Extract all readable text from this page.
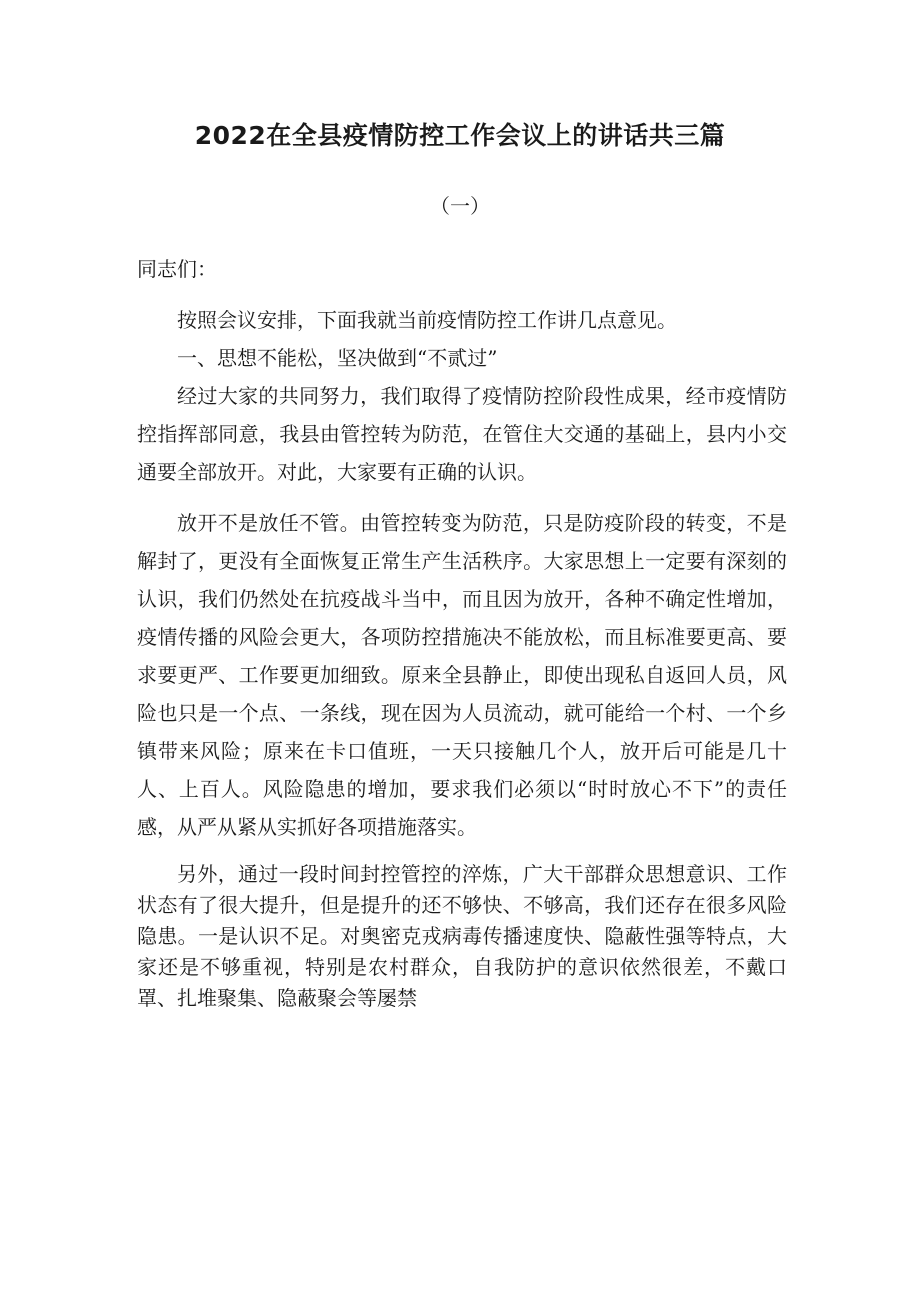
2022在全县疫情防控工作会议上的讲话共三篇
（一）

同志们：

按照会议安排，下面我就当前疫情防控工作讲几点意见。

一、思想不能松，坚决做到“不贰过”

经过大家的共同努力，我们取得了疫情防控阶段性成果，经市疫情防控指挥部同意，我县由管控转为防范，在管住大交通的基础上，县内小交通要全部放开。对此，大家要有正确的认识。

放开不是放任不管。由管控转变为防范，只是防疫阶段的转变，不是解封了，更没有全面恢复正常生产生活秩序。大家思想上一定要有深刻的认识，我们仍然处在抗疫战斗当中，而且因为放开，各种不确定性增加，疫情传播的风险会更大，各项防控措施决不能放松，而且标准要更高、要求要更严、工作要更加细致。原来全县静止，即使出现私自返回人员，风险也只是一个点、一条线，现在因为人员流动，就可能给一个村、一个乡镇带来风险；原来在卡口值班，一天只接触几个人，放开后可能是几十人、上百人。风险隐患的增加，要求我们必须以“时时放心不下”的责任感，从严从紧从实抓好各项措施落实。

另外，通过一段时间封控管控的淬炼，广大干部群众思想意识、工作状态有了很大提升，但是提升的还不够快、不够高，我们还存在很多风险隐患。一是认识不足。对奥密克戎病毒传播速度快、隐蔽性强等特点，大家还是不够重视，特别是农村群众，自我防护的意识依然很差，不戴口罩、扎堆聚集、隐蔽聚会等屡禁
